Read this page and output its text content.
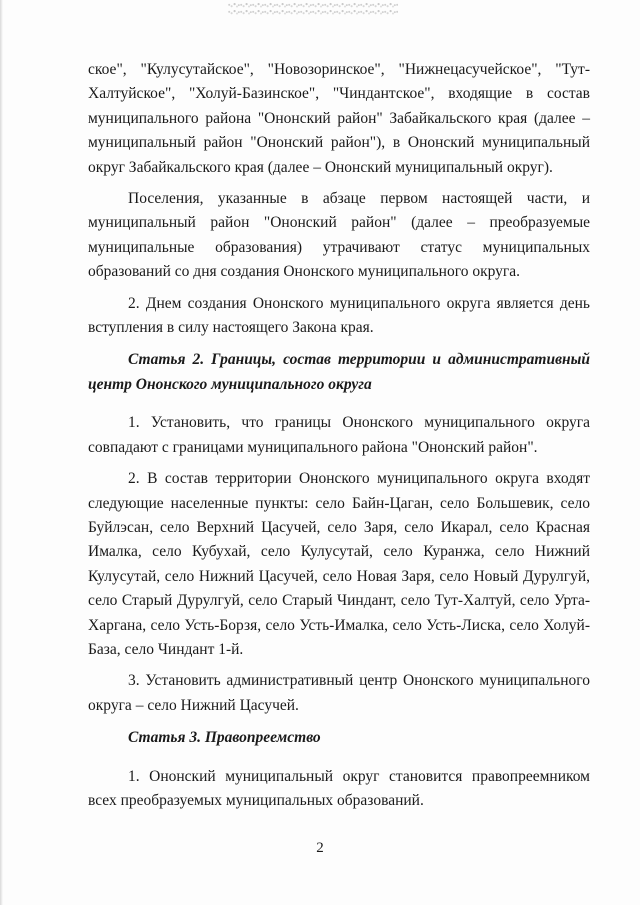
ское", "Кулусутайское", "Новозоринское", "Нижнецасучейское", "Тут-Халтуйское", "Холуй-Базинское", "Чиндантское", входящие в состав муниципального района "Ононский район" Забайкальского края (далее – муниципальный район "Ононский район"), в Ононский муниципальный округ Забайкальского края (далее – Ононский муниципальный округ).

Поселения, указанные в абзаце первом настоящей части, и муниципальный район "Ононский район" (далее – преобразуемые муниципальные образования) утрачивают статус муниципальных образований со дня создания Ононского муниципального округа.

2. Днем создания Ононского муниципального округа является день вступления в силу настоящего Закона края.

Статья 2. Границы, состав территории и административный центр Ононского муниципального округа

1. Установить, что границы Ононского муниципального округа совпадают с границами муниципального района "Ононский район".

2. В состав территории Ононского муниципального округа входят следующие населенные пункты: село Байн-Цаган, село Большевик, село Буйлэсан, село Верхний Цасучей, село Заря, село Икарал, село Красная Ималка, село Кубухай, село Кулусутай, село Куранжа, село Нижний Кулусутай, село Нижний Цасучей, село Новая Заря, село Новый Дурулгуй, село Старый Дурулгуй, село Старый Чиндант, село Тут-Халтуй, село Урта-Харгана, село Усть-Борзя, село Усть-Ималка, село Усть-Лиска, село Холуй-База, село Чиндант 1-й.

3. Установить административный центр Ононского муниципального округа – село Нижний Цасучей.

Статья 3. Правопреемство

1. Ононский муниципальный округ становится правопреемником всех преобразуемых муниципальных образований.

2
